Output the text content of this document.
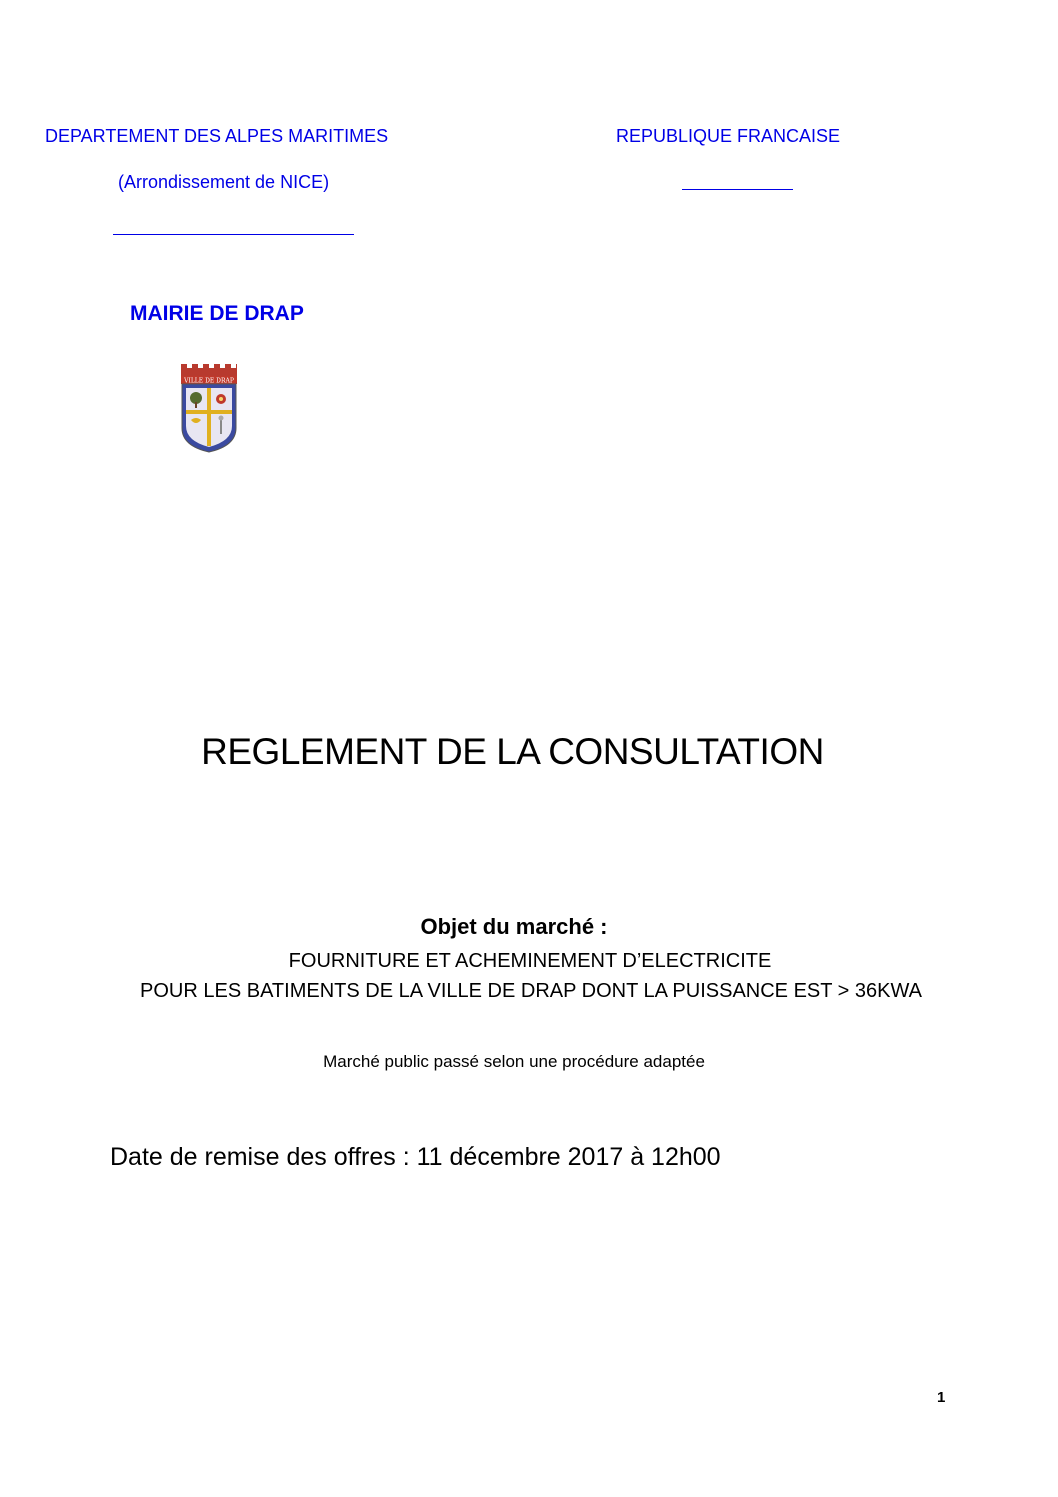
DEPARTEMENT DES ALPES MARITIMES
(Arrondissement de NICE)
REPUBLIQUE FRANCAISE
MAIRIE DE DRAP
VILLE DE DRAP
REGLEMENT DE LA CONSULTATION
Objet du marché :
FOURNITURE ET ACHEMINEMENT D’ELECTRICITE
POUR LES BATIMENTS DE LA VILLE DE DRAP DONT LA PUISSANCE EST > 36KWA
Marché public passé selon une procédure adaptée
Date de remise des offres : 11 décembre 2017 à 12h00
1
